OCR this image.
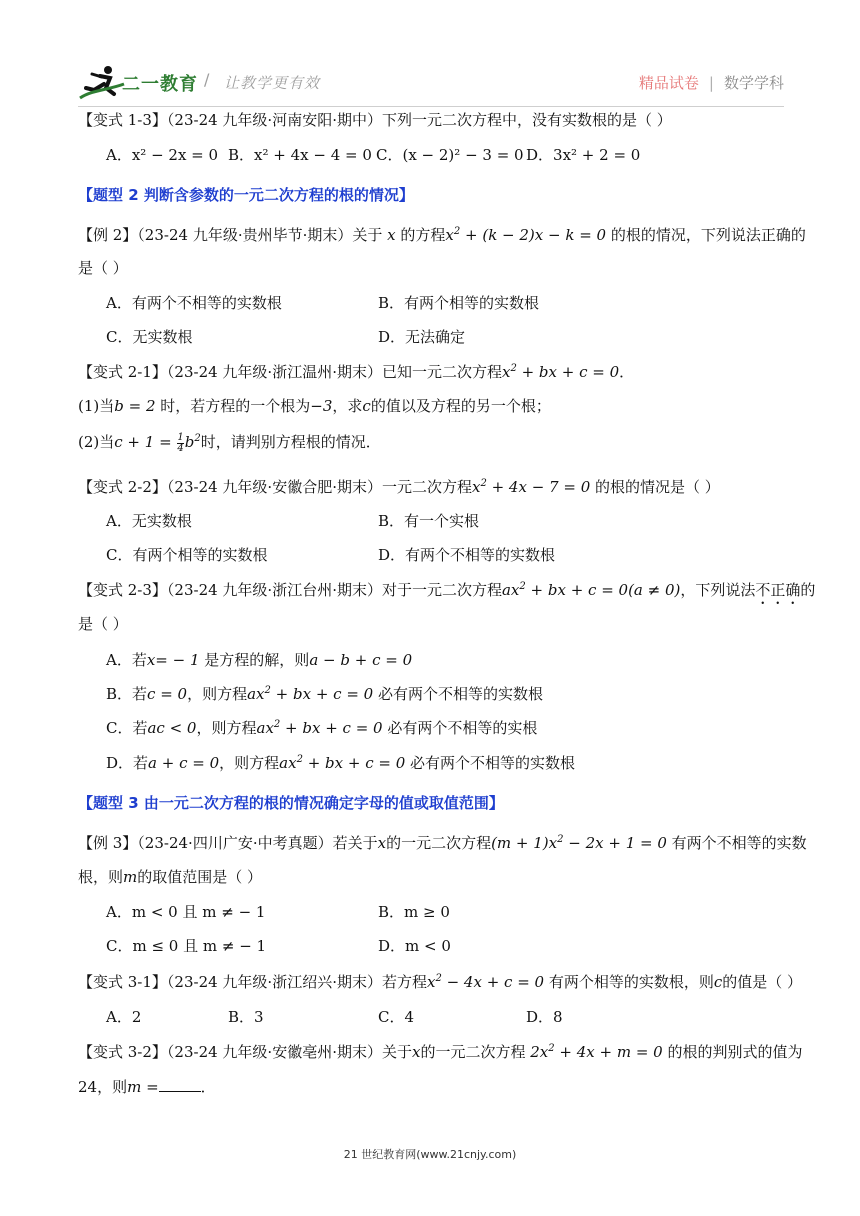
二一教育 / 让教学更有效	精品试卷 | 数学学科
【变式 1-3】（23-24 九年级·河南安阳·期中）下列一元二次方程中，没有实数根的是（ ）
A．x² − 2x = 0 B．x² + 4x − 4 = 0 C．(x − 2)² − 3 = 0 D．3x² + 2 = 0
【题型 2 判断含参数的一元二次方程的根的情况】
【例 2】（23-24 九年级·贵州毕节·期末）关于 x 的方程$x^2 + (k - 2)x - k = 0$ 的根的情况，下列说法正确的
是（ ）
A．有两个不相等的实数根	B．有两个相等的实数根
C．无实数根	D．无法确定
【变式 2-1】（23-24 九年级·浙江温州·期末）已知一元二次方程$x^2$ + bx + c = 0．
(1)当b = 2 时，若方程的一个根为−3，求c的值以及方程的另一个根；
(2)当$c + 1 = \frac{1}{4} b^2$时，请判别方程根的情况．
【变式 2-2】（23-24 九年级·安徽合肥·期末）一元二次方程$x^2 + 4x - 7 = 0$ 的根的情况是（ ）
A．无实数根	B．有一个实根
C．有两个相等的实数根	D．有两个不相等的实数根
【变式 2-3】（23-24 九年级·浙江台州·期末）对于一元二次方程$ax^2$ + bx + c = 0(a ≠ 0)，下列说法不正确的
是（ ）
A．若x= − 1 是方程的解，则a − b + c = 0
B．若c = 0，则方程$ax^2$ + bx + c = 0 必有两个不相等的实数根
C．若ac < 0，则方程$ax^2$ + bx + c = 0 必有两个不相等的实根
D．若a + c = 0，则方程$ax^2$ + bx + c = 0 必有两个不相等的实数根
【题型 3 由一元二次方程的根的情况确定字母的值或取值范围】
【例 3】（23-24·四川广安·中考真题）若关于x的一元二次方程$(m + 1)x^2 - 2x + 1 = 0$ 有两个不相等的实数
根，则m的取值范围是（ ）
A．m < 0 且 m ≠ − 1	B．m ≥ 0
C．m ≤ 0 且 m ≠ − 1	D．m < 0
【变式 3-1】（23-24 九年级·浙江绍兴·期末）若方程$x^2 - 4x + c = 0$ 有两个相等的实数根，则c的值是（ ）
A．2	B．3	C．4	D．8
【变式 3-2】（23-24 九年级·安徽亳州·期末）关于x的一元二次方程 $2x^2 + 4x + m = 0$ 的根的判别式的值为
24，则m =	．
21 世纪教育网(www.21cnjy.com)
